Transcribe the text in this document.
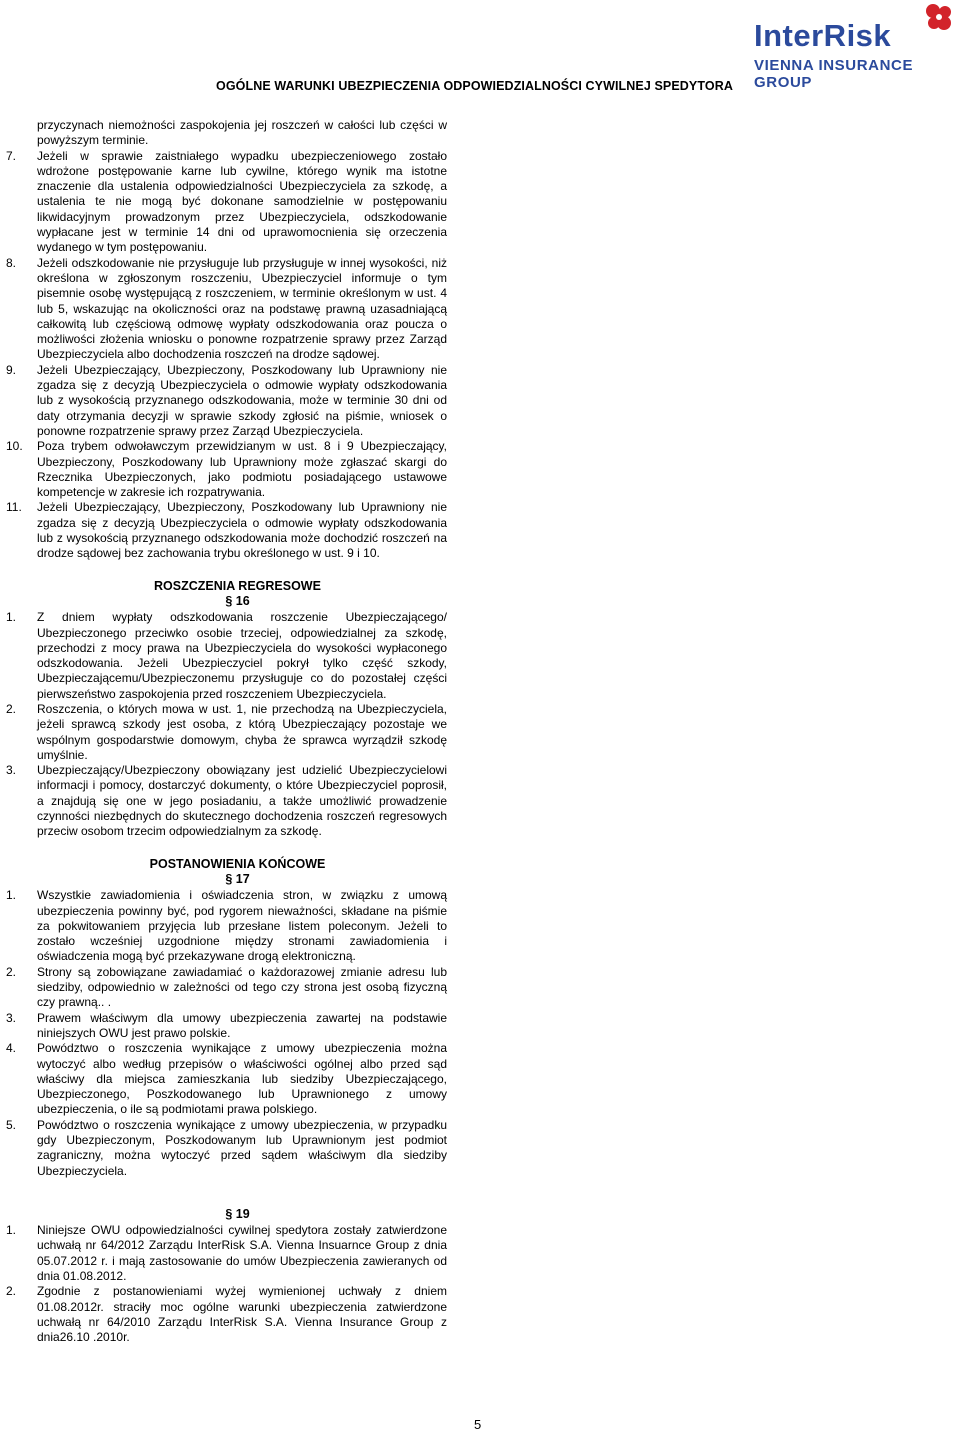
OGÓLNE WARUNKI UBEZPIECZENIA ODPOWIEDZIALNOŚCI CYWILNEJ SPEDYTORA
InterRisk
VIENNA INSURANCE GROUP
przyczynach niemożności zaspokojenia jej roszczeń w całości lub części w powyższym terminie.
7. Jeżeli w sprawie zaistniałego wypadku ubezpieczeniowego zostało wdrożone postępowanie karne lub cywilne, którego wynik ma istotne znaczenie dla ustalenia odpowiedzialności Ubezpieczyciela za szkodę, a ustalenia te nie mogą być dokonane samodzielnie w postępowaniu likwidacyjnym prowadzonym przez Ubezpieczyciela, odszkodowanie wypłacane jest w terminie 14 dni od uprawomocnienia się orzeczenia wydanego w tym postępowaniu.
8. Jeżeli odszkodowanie nie przysługuje lub przysługuje w innej wysokości, niż określona w zgłoszonym roszczeniu, Ubezpieczyciel informuje o tym pisemnie osobę występującą z roszczeniem, w terminie określonym w ust. 4 lub 5, wskazując na okoliczności oraz na podstawę prawną uzasadniającą całkowitą lub częściową odmowę wypłaty odszkodowania oraz poucza o możliwości złożenia wniosku o ponowne rozpatrzenie sprawy przez Zarząd Ubezpieczyciela albo dochodzenia roszczeń na drodze sądowej.
9. Jeżeli Ubezpieczający, Ubezpieczony, Poszkodowany lub Uprawniony nie zgadza się z decyzją Ubezpieczyciela o odmowie wypłaty odszkodowania lub z wysokością przyznanego odszkodowania, może w terminie 30 dni od daty otrzymania decyzji w sprawie szkody zgłosić na piśmie, wniosek o ponowne rozpatrzenie sprawy przez Zarząd Ubezpieczyciela.
10. Poza trybem odwoławczym przewidzianym w ust. 8 i 9 Ubezpieczający, Ubezpieczony, Poszkodowany lub Uprawniony może zgłaszać skargi do Rzecznika Ubezpieczonych, jako podmiotu posiadającego ustawowe kompetencje w zakresie ich rozpatrywania.
11. Jeżeli Ubezpieczający, Ubezpieczony, Poszkodowany lub Uprawniony nie zgadza się z decyzją Ubezpieczyciela o odmowie wypłaty odszkodowania lub z wysokością przyznanego odszkodowania może dochodzić roszczeń na drodze sądowej bez zachowania trybu określonego w ust. 9 i 10.
ROSZCZENIA REGRESOWE
§ 16
1. Z dniem wypłaty odszkodowania roszczenie Ubezpieczającego/ Ubezpieczonego przeciwko osobie trzeciej, odpowiedzialnej za szkodę, przechodzi z mocy prawa na Ubezpieczyciela do wysokości wypłaconego odszkodowania. Jeżeli Ubezpieczyciel pokrył tylko część szkody, Ubezpieczającemu/Ubezpieczonemu przysługuje co do pozostałej części pierwszeństwo zaspokojenia przed roszczeniem Ubezpieczyciela.
2. Roszczenia, o których mowa w ust. 1, nie przechodzą na Ubezpieczyciela, jeżeli sprawcą szkody jest osoba, z którą Ubezpieczający pozostaje we wspólnym gospodarstwie domowym, chyba że sprawca wyrządził szkodę umyślnie.
3. Ubezpieczający/Ubezpieczony obowiązany jest udzielić Ubezpieczycielowi informacji i pomocy, dostarczyć dokumenty, o które Ubezpieczyciel poprosił, a znajdują się one w jego posiadaniu, a także umożliwić prowadzenie czynności niezbędnych do skutecznego dochodzenia roszczeń regresowych przeciw osobom trzecim odpowiedzialnym za szkodę.
POSTANOWIENIA KOŃCOWE
§ 17
1. Wszystkie zawiadomienia i oświadczenia stron, w związku z umową ubezpieczenia powinny być, pod rygorem nieważności, składane na piśmie za pokwitowaniem przyjęcia lub przesłane listem poleconym. Jeżeli to zostało wcześniej uzgodnione między stronami zawiadomienia i oświadczenia mogą być przekazywane drogą elektroniczną.
2. Strony są zobowiązane zawiadamiać o każdorazowej zmianie adresu lub siedziby, odpowiednio w zależności od tego czy strona jest osobą fizyczną czy prawną.. .
3. Prawem właściwym dla umowy ubezpieczenia zawartej na podstawie niniejszych OWU jest prawo polskie.
4. Powództwo o roszczenia wynikające z umowy ubezpieczenia można wytoczyć albo według przepisów o właściwości ogólnej albo przed sąd właściwy dla miejsca zamieszkania lub siedziby Ubezpieczającego, Ubezpieczonego, Poszkodowanego lub Uprawnionego z umowy ubezpieczenia, o ile są podmiotami prawa polskiego.
5. Powództwo o roszczenia wynikające z umowy ubezpieczenia, w przypadku gdy Ubezpieczonym, Poszkodowanym lub Uprawnionym jest podmiot zagraniczny, można wytoczyć przed sądem właściwym dla siedziby Ubezpieczyciela.
§ 19
1. Niniejsze OWU odpowiedzialności cywilnej spedytora zostały zatwierdzone uchwałą nr 64/2012 Zarządu InterRisk S.A. Vienna Insuarnce Group z dnia 05.07.2012 r. i mają zastosowanie do umów Ubezpieczenia zawieranych od dnia 01.08.2012.
2. Zgodnie z postanowieniami wyżej wymienionej uchwały z dniem 01.08.2012r. straciły moc ogólne warunki ubezpieczenia zatwierdzone uchwałą nr 64/2010 Zarządu InterRisk S.A. Vienna Insurance Group z dnia26.10 .2010r.
5
